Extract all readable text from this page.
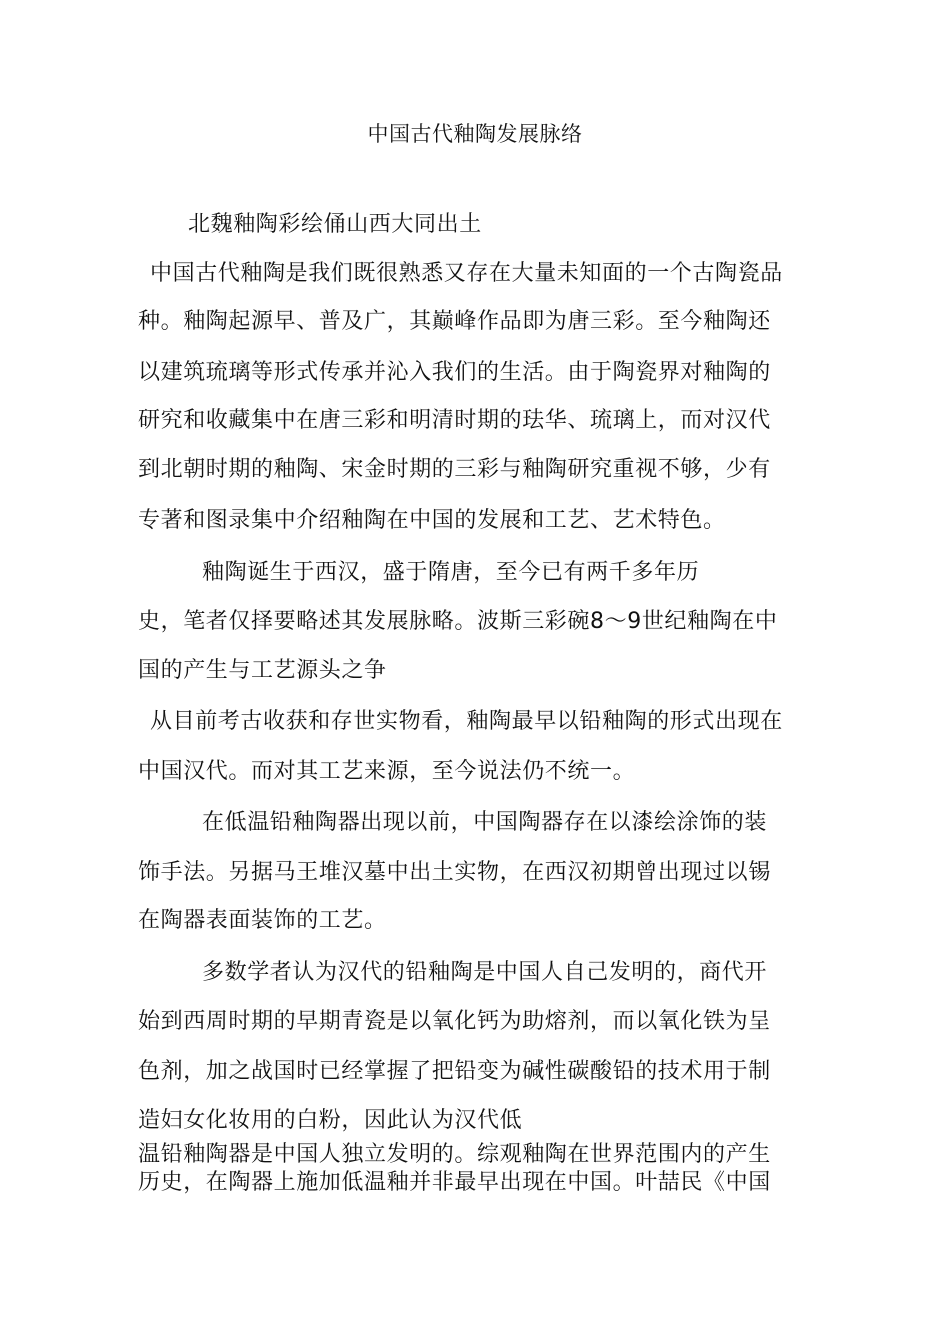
中国古代釉陶发展脉络
北魏釉陶彩绘俑山西大同出土
中国古代釉陶是我们既很熟悉又存在大量未知面的一个古陶瓷品
种。釉陶起源早、普及广，其巅峰作品即为唐三彩。至今釉陶还
以建筑琉璃等形式传承并沁入我们的生活。由于陶瓷界对釉陶的
研究和收藏集中在唐三彩和明清时期的珐华、琉璃上，而对汉代
到北朝时期的釉陶、宋金时期的三彩与釉陶研究重视不够，少有
专著和图录集中介绍釉陶在中国的发展和工艺、艺术特色。
釉陶诞生于西汉，盛于隋唐，至今已有两千多年历
史，笔者仅择要略述其发展脉略。波斯三彩碗8～9世纪釉陶在中
国的产生与工艺源头之争
从目前考古收获和存世实物看，釉陶最早以铅釉陶的形式出现在
中国汉代。而对其工艺来源，至今说法仍不统一。
在低温铅釉陶器出现以前，中国陶器存在以漆绘涂饰的装
饰手法。另据马王堆汉墓中出土实物，在西汉初期曾出现过以锡
在陶器表面装饰的工艺。
多数学者认为汉代的铅釉陶是中国人自己发明的，商代开
始到西周时期的早期青瓷是以氧化钙为助熔剂，而以氧化铁为呈
色剂，加之战国时已经掌握了把铅变为碱性碳酸铅的技术用于制
造妇女化妆用的白粉，因此认为汉代低
温铅釉陶器是中国人独立发明的。综观釉陶在世界范围内的产生
历史，在陶器上施加低温釉并非最早出现在中国。叶喆民《中国
